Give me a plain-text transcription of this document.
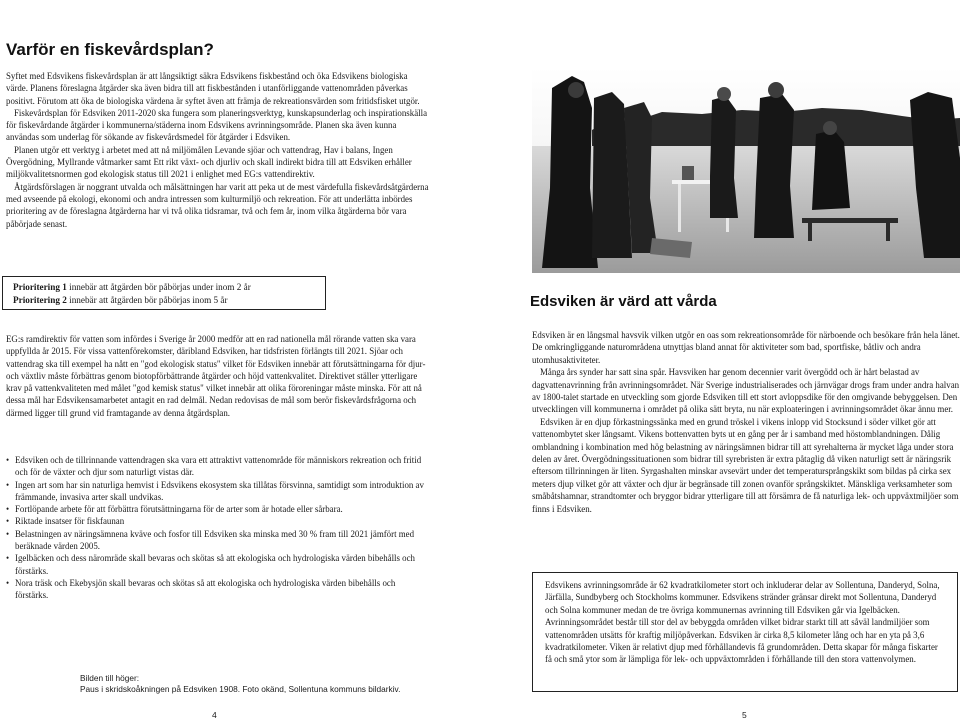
Varför en fiskevårdsplan?

Syftet med Edsvikens fiskevårdsplan är att långsiktigt säkra Edsvikens fiskbestånd och öka Edsvikens biologiska värde. Planens föreslagna åtgärder ska även bidra till att fiskbestånden i utanförliggande vattenområden påverkas positivt. Förutom att öka de biologiska värdena är syftet även att främja de rekreationsvärden som fritidsfisket utgör.

Fiskevårdsplan för Edsviken 2011-2020 ska fungera som planeringsverktyg, kunskapsunderlag och inspirationskälla för fiskevårdande åtgärder i kommunerna/städerna inom Edsvikens avrinningsområde. Planen ska även kunna användas som underlag för sökande av fiskevårdsmedel för åtgärder i Edsviken.

Planen utgör ett verktyg i arbetet med att nå miljömålen Levande sjöar och vattendrag, Hav i balans, Ingen Övergödning, Myllrande våtmarker samt Ett rikt växt- och djurliv och skall indirekt bidra till att Edsviken erhåller miljökvalitetsnormen god ekologisk status till 2021 i enlighet med EG:s vattendirektiv.

Åtgärdsförslagen är noggrant utvalda och målsättningen har varit att peka ut de mest värdefulla fiskevårdsåtgärderna med avseende på ekologi, ekonomi och andra intressen som kulturmiljö och rekreation. För att underlätta inbördes prioritering av de föreslagna åtgärderna har vi två olika tidsramar, två och fem år, inom vilka åtgärderna bör vara påbörjade senast.

Prioritering 1 innebär att åtgärden bör påbörjas under inom 2 år
Prioritering 2 innebär att åtgärden bör påbörjas inom 5 år

EG:s ramdirektiv för vatten som infördes i Sverige år 2000 medför att en rad nationella mål rörande vatten ska vara uppfyllda år 2015. För vissa vattenförekomster, däribland Edsviken, har tidsfristen förlängts till 2021. Sjöar och vattendrag ska till exempel ha nått en "god ekologisk status" vilket för Edsviken innebär att förutsättningarna för djur- och växtliv måste förbättras genom biotopförbättrande åtgärder och höjd vattenkvalitet. Direktivet ställer ytterligare krav på vattenkvaliteten med målet "god kemisk status" vilket innebär att olika föroreningar måste minska. För att nå dessa mål har Edsvikensamarbetet antagit en rad delmål. Nedan redovisas de mål som berör fiskevårdsfrågorna och därmed ligger till grund vid framtagande av denna åtgärdsplan.

• Edsviken och de tillrinnande vattendragen ska vara ett attraktivt vattenområde för människors rekreation och fritid och för de växter och djur som naturligt vistas där.
• Ingen art som har sin naturliga hemvist i Edsvikens ekosystem ska tillåtas försvinna, samtidigt som introduktion av främmande, invasiva arter skall undvikas.
• Fortlöpande arbete för att förbättra förutsättningarna för de arter som är hotade eller sårbara.
• Riktade insatser för fiskfaunan
• Belastningen av näringsämnena kväve och fosfor till Edsviken ska minska med 30 % fram till 2021 jämfört med beräknade värden 2005.
• Igelbäcken och dess näromräde skall bevaras och skötas så att ekologiska och hydrologiska värden bibehålls och förstärks.
• Nora träsk och Ekebysjön skall bevaras och skötas så att ekologiska och hydrologiska värden bibehålls och förstärks.
Bilden till höger:
Paus i skridskoåkningen på Edsviken 1908. Foto okänd, Sollentuna kommuns bildarkiv.
4
Edsviken är värd att vårda

Edsviken är en långsmal havsvik vilken utgör en oas som rekreationsområde för närboende och besökare från hela länet. De omkringliggande naturområdena utnyttjas bland annat för aktiviteter som bad, sportfiske, båtliv och andra utomhusaktiviteter.

Många års synder har satt sina spår. Havsviken har genom decennier varit övergödd och är hårt belastad av dagvattenavrinning från avrinningsområdet. När Sverige industrialiserades och järnvägar drogs fram under andra halvan av 1800-talet startade en utveckling som gjorde Edsviken till ett stort avloppsdike för den omgivande bebyggelsen. Den utvecklingen vill kommunerna i området på olika sätt bryta, nu när exploateringen i avrinningsområdet ökar ännu mer.

Edsviken är en djup förkastningssänka med en grund tröskel i vikens inlopp vid Stocksund i söder vilket gör att vattenombytet sker långsamt. Vikens bottenvatten byts ut en gång per år i samband med höstomblandningen. Dålig omblandning i kombination med hög belastning av näringsämnen bidrar till att syrehalterna är mycket låga under stora delen av året. Övergödningssituationen som bidrar till syrebristen är extra påtaglig då viken naturligt sett är näringsrik eftersom tillrinningen är liten. Syrgashalten minskar avsevärt under det temperatursprångskikt som bildas på cirka sex meters djup vilket gör att växter och djur är begränsade till zonen ovanför språngskiktet. Mänskliga verksamheter som småbåtshamnar, strandtomter och bryggor bidrar ytterligare till att försämra de få naturliga lek- och uppväxtmiljöer som finns i Edsviken.

Edsvikens avrinningsområde är 62 kvadratkilometer stort och inkluderar delar av Sollentuna, Danderyd, Solna, Järfälla, Sundbyberg och Stockholms kommuner. Edsvikens stränder gränsar direkt mot Sollentuna, Danderyd och Solna kommuner medan de tre övriga kommunernas avrinning till Edsviken går via Igelbäcken. Avrinningsområdet består till stor del av bebyggda områden vilket bidrar starkt till att såväl landmiljöer som vattenområden utsätts för kraftig miljöpåverkan. Edsviken är cirka 8,5 kilometer lång och har en yta på 3,6 kvadratkilometer. Viken är relativt djup med förhållandevis få grundområden. Detta skapar för många fiskarter få och små ytor som är lämpliga för lek- och uppväxtområden i förhållande till den stora vattenvolymen.
5
